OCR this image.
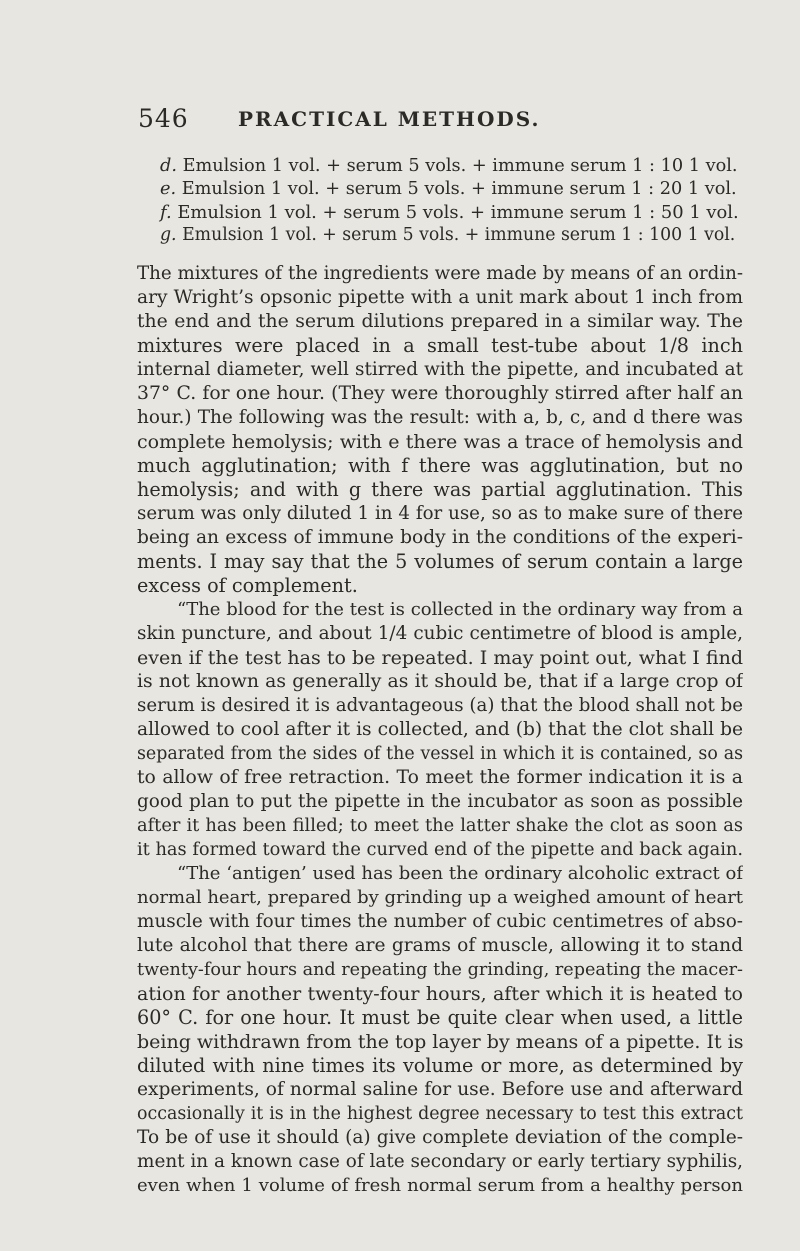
546 PRACTICAL METHODS.
d. Emulsion 1 vol. + serum 5 vols. + immune serum 1 : 10 1 vol.
e. Emulsion 1 vol. + serum 5 vols. + immune serum 1 : 20 1 vol.
f. Emulsion 1 vol. + serum 5 vols. + immune serum 1 : 50 1 vol.
g. Emulsion 1 vol. + serum 5 vols. + immune serum 1 : 100 1 vol.
The mixtures of the ingredients were made by means of an ordin-
ary Wright’s opsonic pipette with a unit mark about 1 inch from
the end and the serum dilutions prepared in a similar way. The
mixtures were placed in a small test-tube about 1/8 inch
internal diameter, well stirred with the pipette, and incubated at
37° C. for one hour. (They were thoroughly stirred after half an
hour.) The following was the result: with a, b, c, and d there was
complete hemolysis; with e there was a trace of hemolysis and
much agglutination; with f there was agglutination, but no
hemolysis; and with g there was partial agglutination. This
serum was only diluted 1 in 4 for use, so as to make sure of there
being an excess of immune body in the conditions of the experi-
ments. I may say that the 5 volumes of serum contain a large
excess of complement.
“The blood for the test is collected in the ordinary way from a
skin puncture, and about 1/4 cubic centimetre of blood is ample,
even if the test has to be repeated. I may point out, what I find
is not known as generally as it should be, that if a large crop of
serum is desired it is advantageous (a) that the blood shall not be
allowed to cool after it is collected, and (b) that the clot shall be
separated from the sides of the vessel in which it is contained, so as
to allow of free retraction. To meet the former indication it is a
good plan to put the pipette in the incubator as soon as possible
after it has been filled; to meet the latter shake the clot as soon as
it has formed toward the curved end of the pipette and back again.
“The ‘antigen’ used has been the ordinary alcoholic extract of
normal heart, prepared by grinding up a weighed amount of heart
muscle with four times the number of cubic centimetres of abso-
lute alcohol that there are grams of muscle, allowing it to stand
twenty-four hours and repeating the grinding, repeating the macer-
ation for another twenty-four hours, after which it is heated to
60° C. for one hour. It must be quite clear when used, a little
being withdrawn from the top layer by means of a pipette. It is
diluted with nine times its volume or more, as determined by
experiments, of normal saline for use. Before use and afterward
occasionally it is in the highest degree necessary to test this extract
To be of use it should (a) give complete deviation of the comple-
ment in a known case of late secondary or early tertiary syphilis,
even when 1 volume of fresh normal serum from a healthy person
